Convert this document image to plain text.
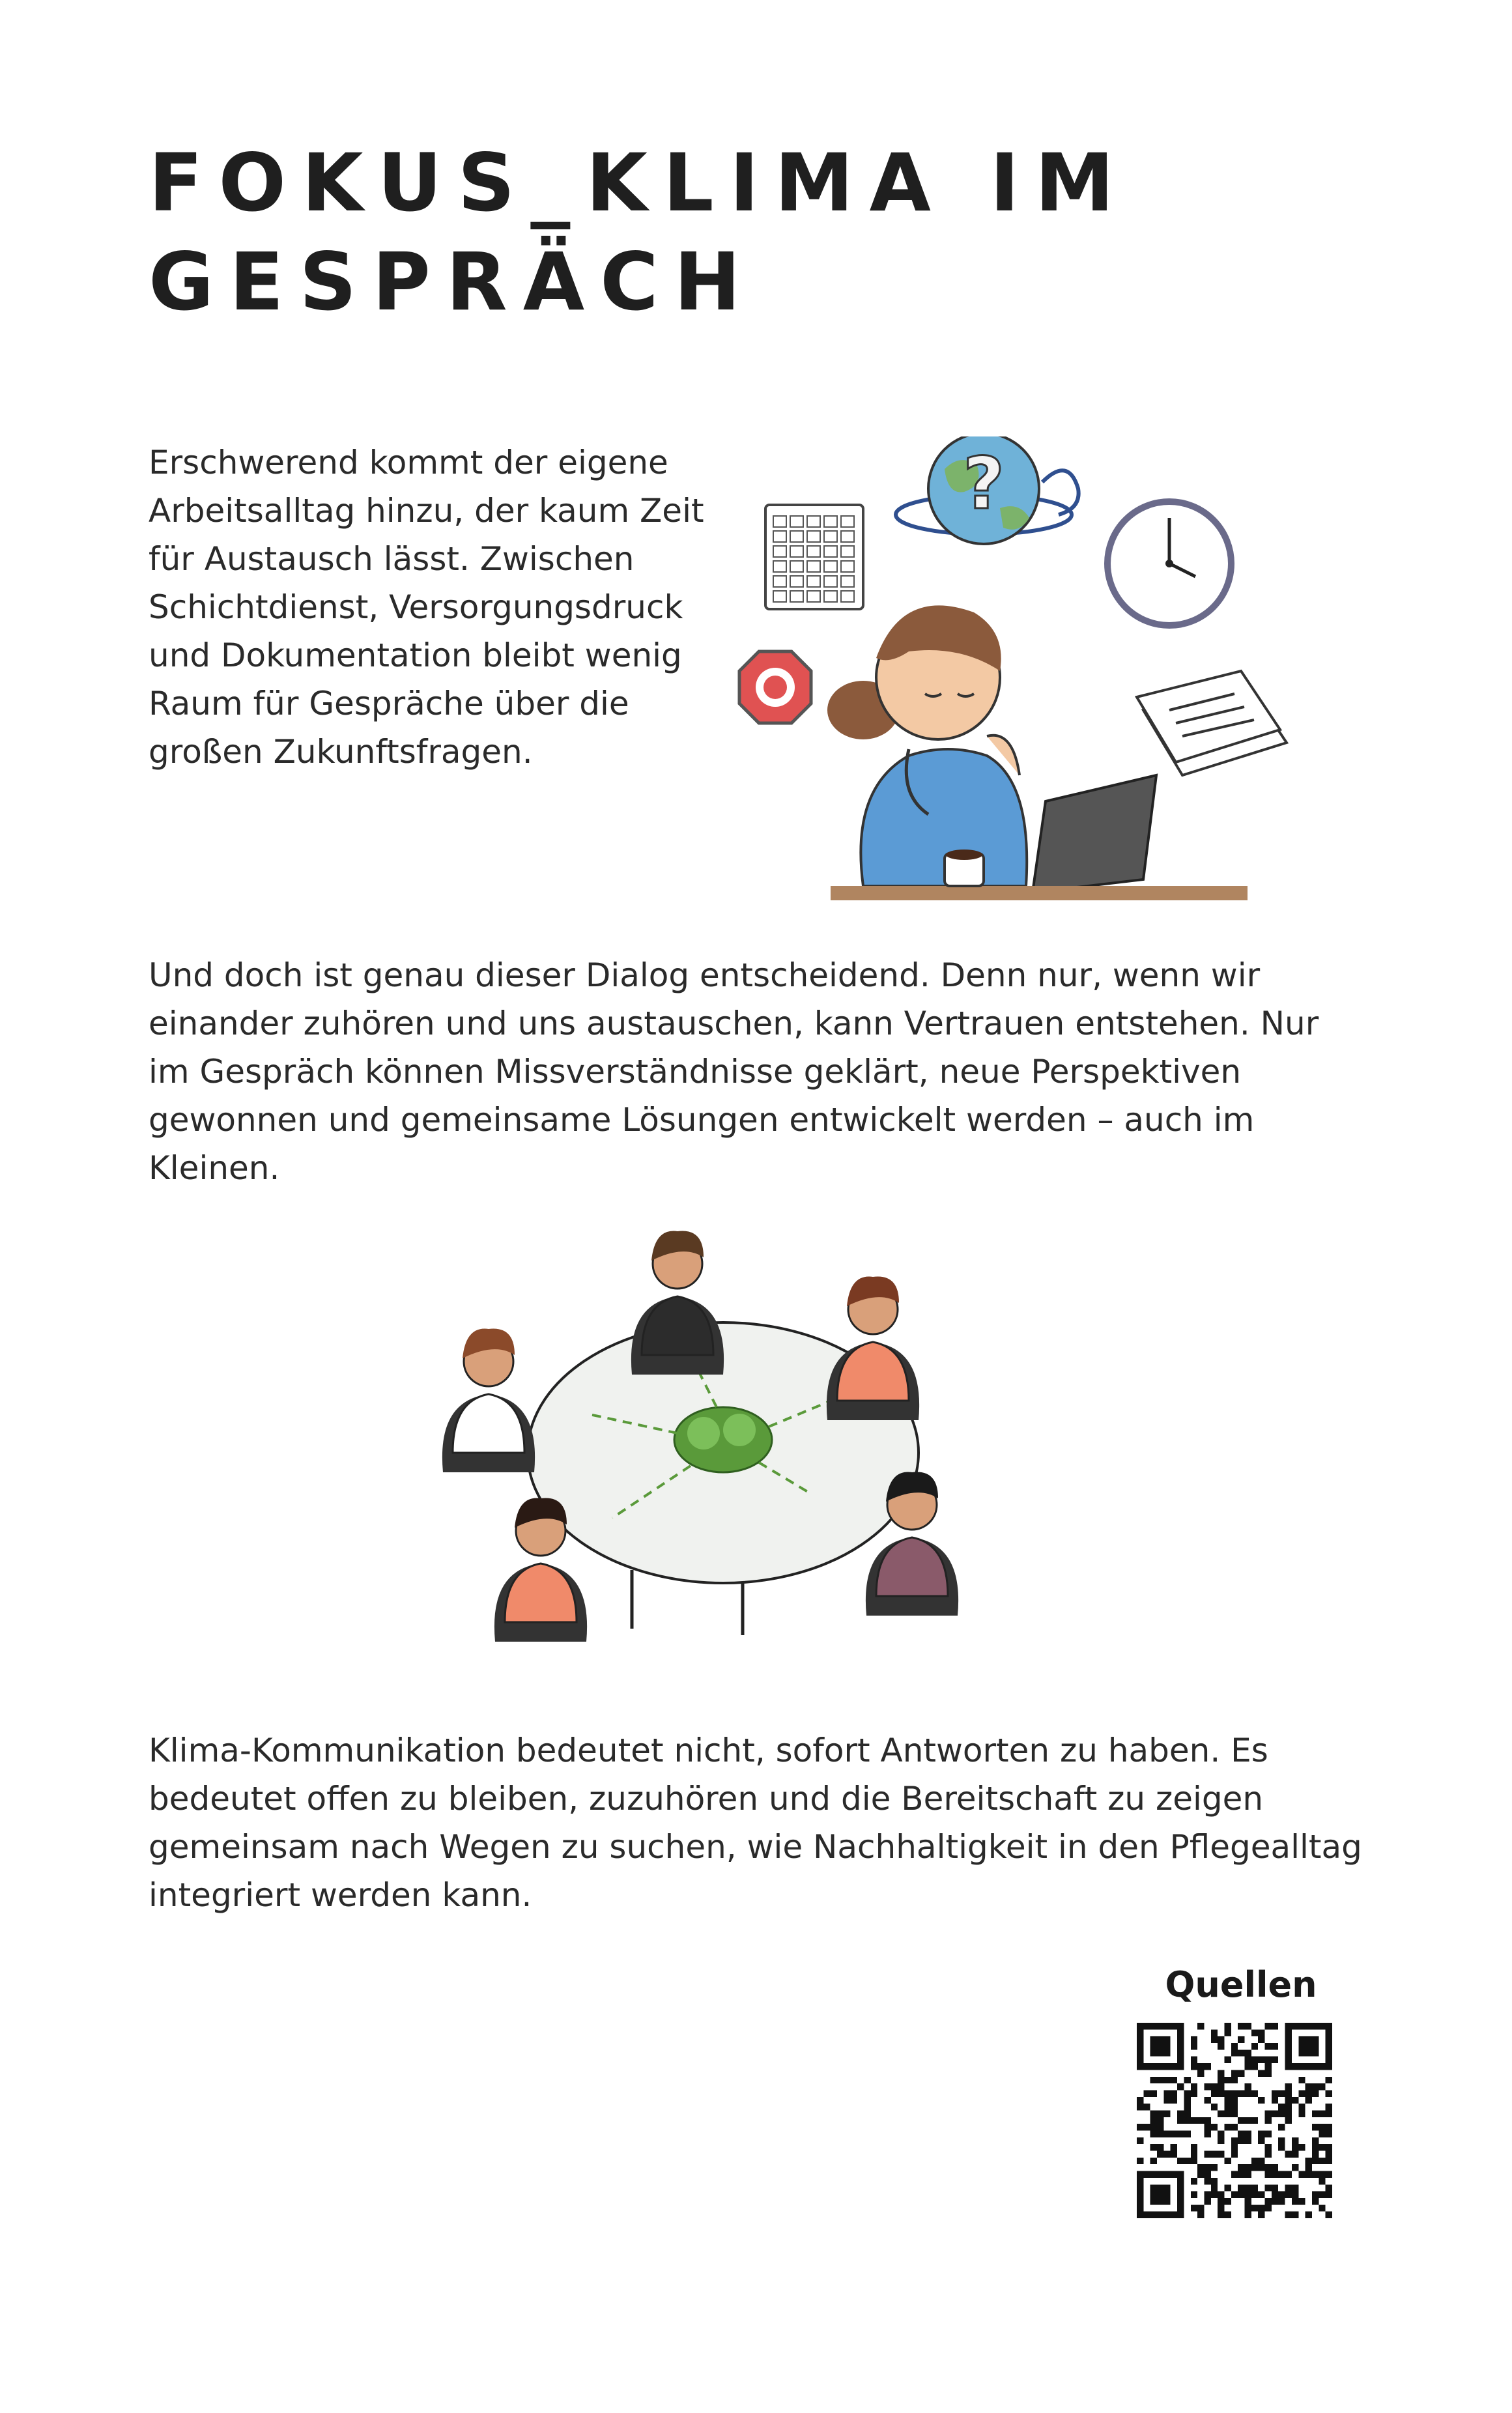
FOKUS_KLIMA IM
GESPRÄCH

Erschwerend kommt der eigene Arbeitsalltag hinzu, der kaum Zeit für Austausch lässt. Zwischen Schichtdienst, Versorgungsdruck und Dokumentation bleibt wenig Raum für Gespräche über die großen Zukunftsfragen.

?

Und doch ist genau dieser Dialog entscheidend. Denn nur, wenn wir einander zuhören und uns austauschen, kann Vertrauen entstehen. Nur im Gespräch können Missverständnisse geklärt, neue Perspektiven gewonnen und gemeinsame Lösungen entwickelt werden – auch im Kleinen.

Klima-Kommunikation bedeutet nicht, sofort Antworten zu haben. Es bedeutet offen zu bleiben, zuzuhören und die Bereitschaft zu zeigen gemeinsam nach Wegen zu suchen, wie Nachhaltigkeit in den Pflegealltag integriert werden kann.

Quellen
